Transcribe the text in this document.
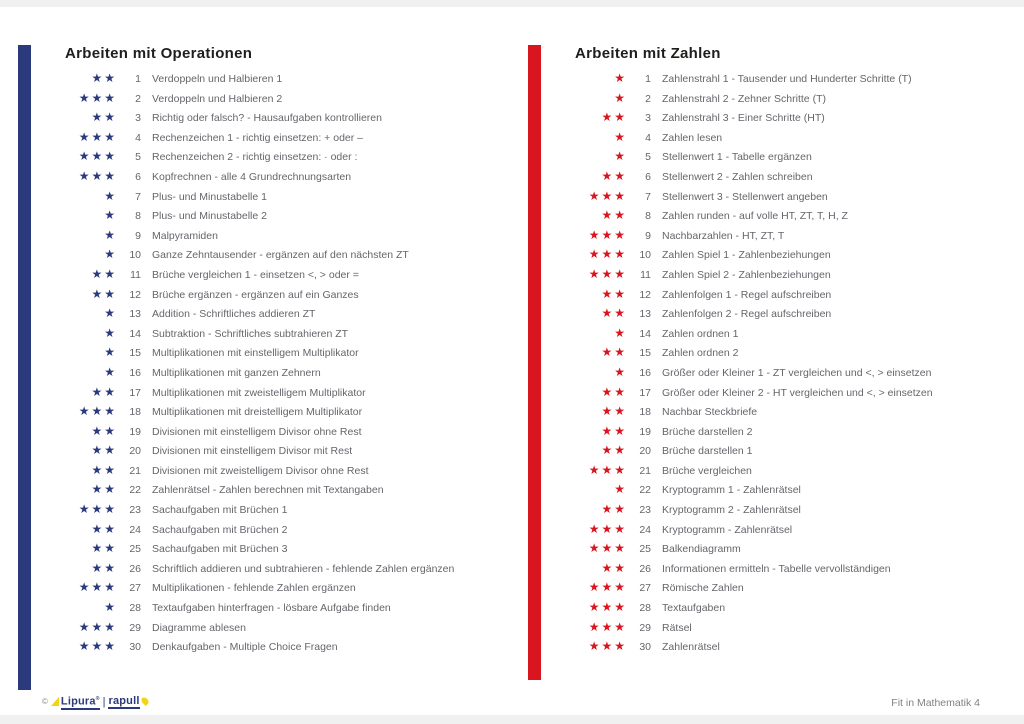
Arbeiten mit Operationen
★★	1 Verdoppeln und Halbieren 1
★★★	2 Verdoppeln und Halbieren 2
★★	3 Richtig oder falsch? - Hausaufgaben kontrollieren
★★★	4 Rechenzeichen 1 - richtig einsetzen: + oder –
★★★	5 Rechenzeichen 2 - richtig einsetzen: · oder :
★★★	6 Kopfrechnen - alle 4 Grundrechnungsarten
★	7 Plus- und Minustabelle 1
★	8 Plus- und Minustabelle 2
★	9 Malpyramiden
★	10 Ganze Zehntausender - ergänzen auf den nächsten ZT
★★	11 Brüche vergleichen 1 - einsetzen <, > oder =
★★	12 Brüche ergänzen - ergänzen auf ein Ganzes
★	13 Addition - Schriftliches addieren ZT
★	14 Subtraktion - Schriftliches subtrahieren ZT
★	15 Multiplikationen mit einstelligem Multiplikator
★	16 Multiplikationen mit ganzen Zehnern
★★	17 Multiplikationen mit zweistelligem Multiplikator
★★★	18 Multiplikationen mit dreistelligem Multiplikator
★★	19 Divisionen mit einstelligem Divisor ohne Rest
★★	20 Divisionen mit einstelligem Divisor mit Rest
★★	21 Divisionen mit zweistelligem Divisor ohne Rest
★★	22 Zahlenrätsel - Zahlen berechnen mit Textangaben
★★★	23 Sachaufgaben mit Brüchen 1
★★	24 Sachaufgaben mit Brüchen 2
★★	25 Sachaufgaben mit Brüchen 3
★★	26 Schriftlich addieren und subtrahieren - fehlende Zahlen ergänzen
★★★	27 Multiplikationen - fehlende Zahlen ergänzen
★	28 Textaufgaben hinterfragen - lösbare Aufgabe finden
★★★	29 Diagramme ablesen
★★★	30 Denkaufgaben - Multiple Choice Fragen
Arbeiten mit Zahlen
★	1 Zahlenstrahl 1 - Tausender und Hunderter Schritte (T)
★	2 Zahlenstrahl 2 - Zehner Schritte (T)
★★	3 Zahlenstrahl 3 - Einer Schritte (HT)
★	4 Zahlen lesen
★	5 Stellenwert 1 - Tabelle ergänzen
★★	6 Stellenwert 2 - Zahlen schreiben
★★★	7 Stellenwert 3 - Stellenwert angeben
★★	8 Zahlen runden - auf volle HT, ZT, T, H, Z
★★★	9 Nachbarzahlen - HT, ZT, T
★★★	10 Zahlen Spiel 1 - Zahlenbeziehungen
★★★	11 Zahlen Spiel 2 - Zahlenbeziehungen
★★	12 Zahlenfolgen 1 - Regel aufschreiben
★★	13 Zahlenfolgen 2 - Regel aufschreiben
★	14 Zahlen ordnen 1
★★	15 Zahlen ordnen 2
★	16 Größer oder Kleiner 1 - ZT vergleichen und <, > einsetzen
★★	17 Größer oder Kleiner 2 - HT vergleichen und <, > einsetzen
★★	18 Nachbar Steckbriefe
★★	19 Brüche darstellen 2
★★	20 Brüche darstellen 1
★★★	21 Brüche vergleichen
★	22 Kryptogramm 1 - Zahlenrätsel
★★	23 Kryptogramm 2 - Zahlenrätsel
★★★	24 Kryptogramm - Zahlenrätsel
★★★	25 Balkendiagramm
★★	26 Informationen ermitteln - Tabelle vervollständigen
★★★	27 Römische Zahlen
★★★	28 Textaufgaben
★★★	29 Rätsel
★★★	30 Zahlenrätsel
© Lipura® | rapull	Fit in Mathematik 4
